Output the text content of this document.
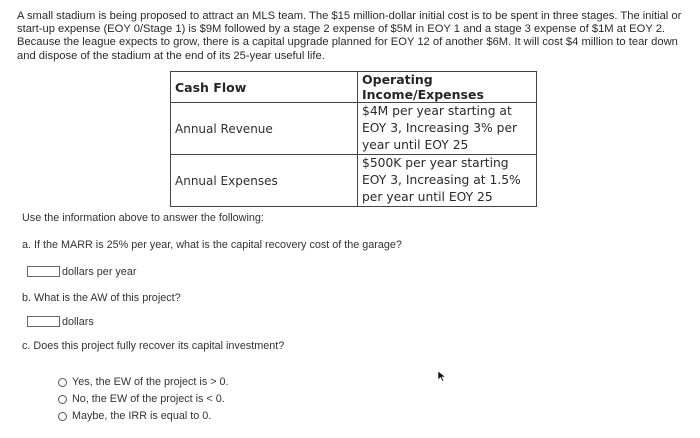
A small stadium is being proposed to attract an MLS team. The $15 million-dollar initial cost is to be spent in three stages. The initial or start-up expense (EOY 0/Stage 1) is $9M followed by a stage 2 expense of $5M in EOY 1 and a stage 3 expense of $1M at EOY 2. Because the league expects to grow, there is a capital upgrade planned for EOY 12 of another $6M. It will cost $4 million to tear down and dispose of the stadium at the end of its 25-year useful life.
Cash Flow	Operating Income/Expenses
Annual Revenue	$4M per year starting at EOY 3, Increasing 3% per year until EOY 25
Annual Expenses	$500K per year starting EOY 3, Increasing at 1.5% per year until EOY 25
Use the information above to answer the following:
a. If the MARR is 25% per year, what is the capital recovery cost of the garage?
dollars per year
b. What is the AW of this project?
dollars
c. Does this project fully recover its capital investment?
Yes, the EW of the project is > 0.
No, the EW of the project is < 0.
Maybe, the IRR is equal to 0.
